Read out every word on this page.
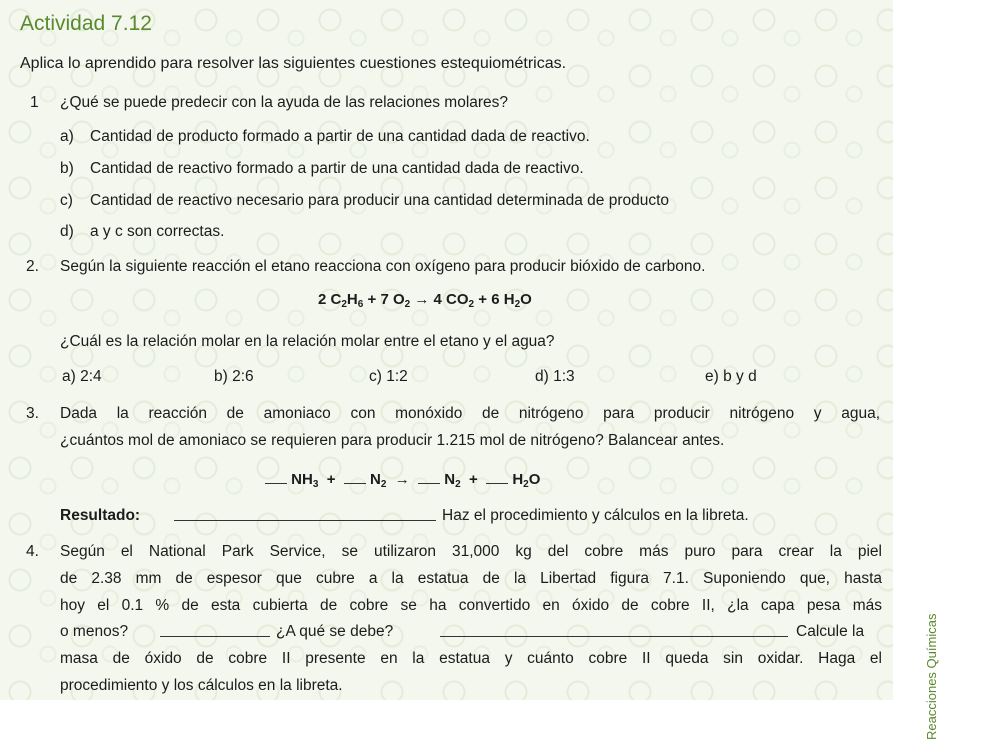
Actividad 7.12
Aplica lo aprendido para resolver las siguientes cuestiones estequiométricas.
1 ¿Qué se puede predecir con la ayuda de las relaciones molares?
a) Cantidad de producto formado a partir de una cantidad dada de reactivo.
b) Cantidad de reactivo formado a partir de una cantidad dada de reactivo.
c) Cantidad de reactivo necesario para producir una cantidad determinada de producto
d) a y c son correctas.
2. Según la siguiente reacción el etano reacciona con oxígeno para producir bióxido de carbono.
2 $C_2H_6 + 7$ $O_2 \to 4$ $CO_2 + 6$ $H_2O$
¿Cuál es la relación molar en la relación molar entre el etano y el agua?
a) 2:4	b) 2:6	c) 1:2	d) 1:3	e) b y d
3. Dada la reacción de amoniaco con monóxido de nitrógeno para producir nitrógeno y agua,
¿cuántos mol de amoniaco se requieren para producir 1.215 mol de nitrógeno? Balancear antes.
$NH_3 + N_2 \to N_2 + H_2O$
Resultado:	Haz el procedimiento y cálculos en la libreta.
4. Según el National Park Service, se utilizaron 31,000 kg del cobre más puro para crear la piel
de 2.38 mm de espesor que cubre a la estatua de la Libertad figura 7.1. Suponiendo que, hasta
hoy el 0.1 % de esta cubierta de cobre se ha convertido en óxido de cobre II, ¿la capa pesa más
o menos?	¿A qué se debe?	Calcule la
masa de óxido de cobre II presente en la estatua y cuánto cobre II queda sin oxidar. Haga el
procedimiento y los cálculos en la libreta.	Reacciones Químicas
